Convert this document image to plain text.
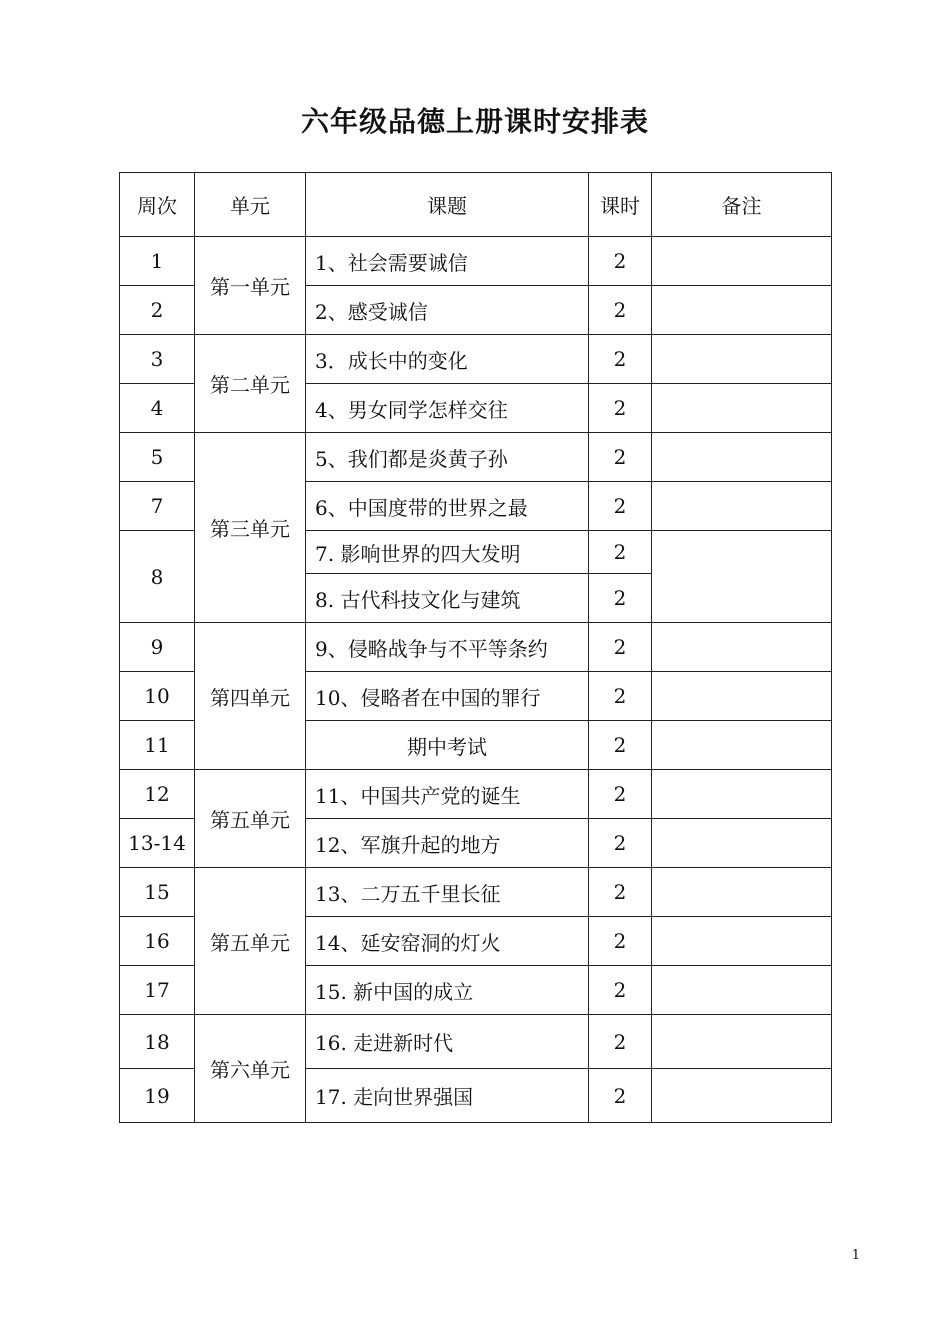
六年级品德上册课时安排表
周次	单元	课题	课时	备注
1	第一单元	1、社会需要诚信	2	
2		2、感受诚信	2	
3	第二单元	3．成长中的变化	2	
4		4、男女同学怎样交往	2	
5	第三单元	5、我们都是炎黄子孙	2	
7		6、中国度带的世界之最	2	
8		7. 影响世界的四大发明	2	
		8. 古代科技文化与建筑	2	
9	第四单元	9、侵略战争与不平等条约	2	
10		10、侵略者在中国的罪行	2	
11		期中考试	2	
12	第五单元	11、中国共产党的诞生	2	
13-14		12、军旗升起的地方	2	
15	第五单元	13、二万五千里长征	2	
16		14、延安窑洞的灯火	2	
17		15. 新中国的成立	2	
18	第六单元	16. 走进新时代	2	
19		17. 走向世界强国	2	
1
